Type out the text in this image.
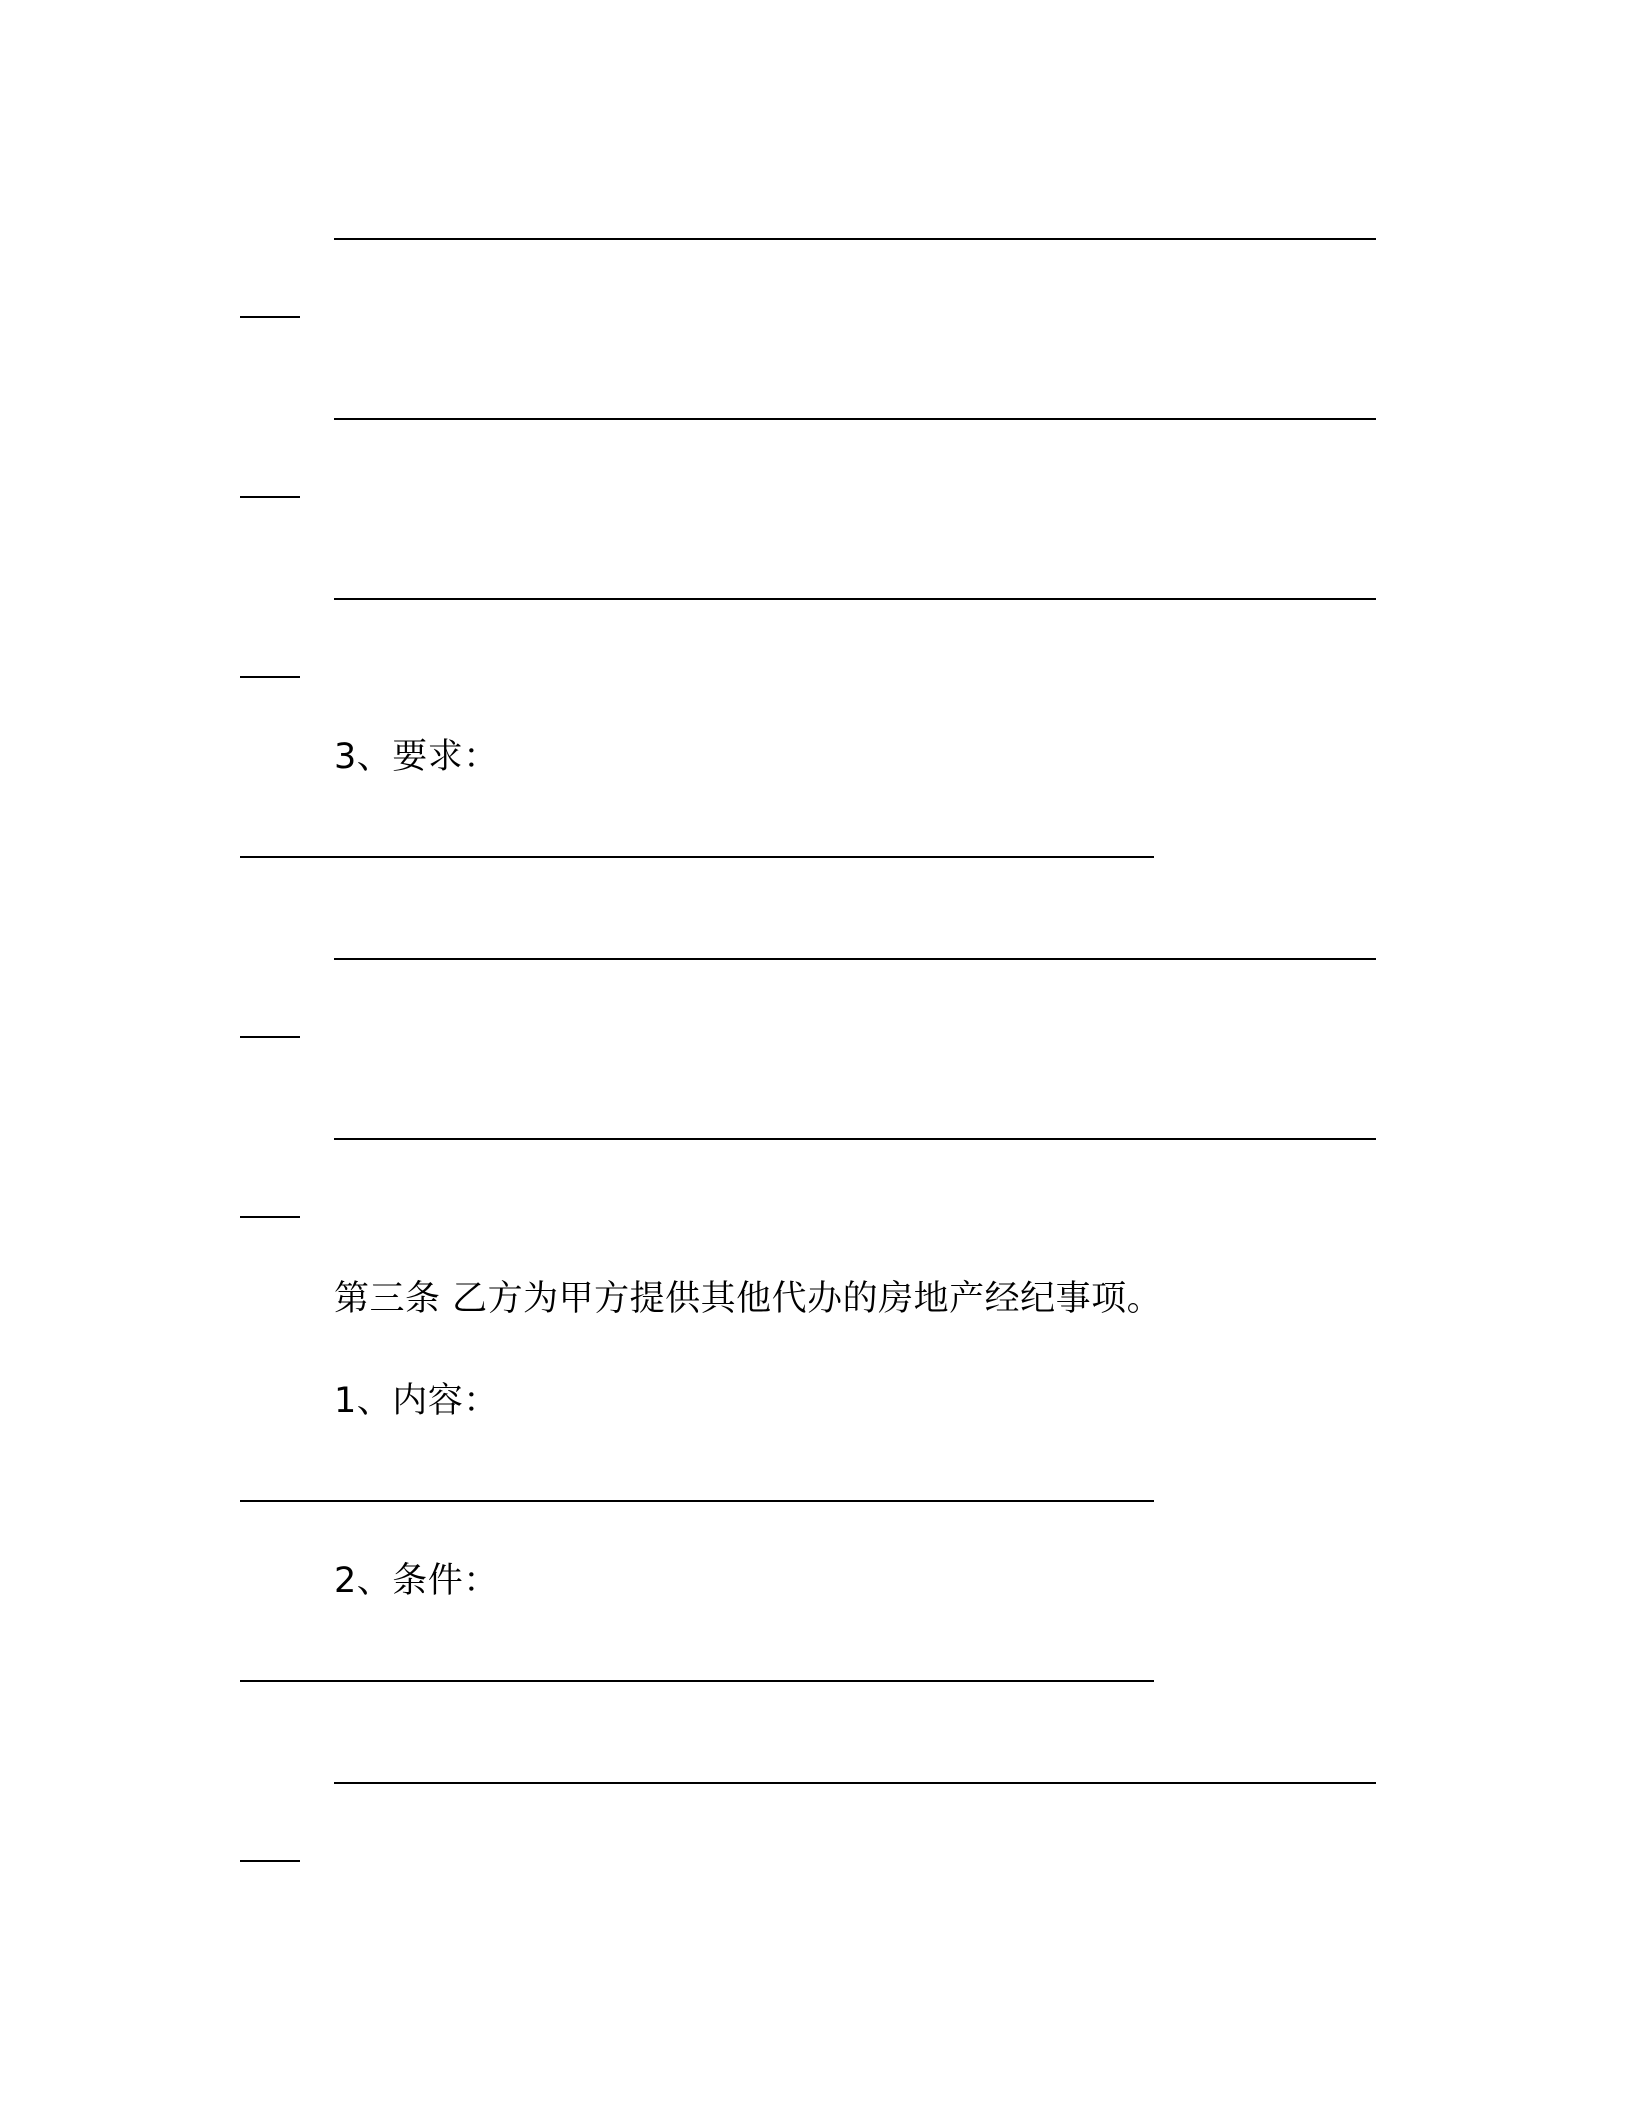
3、要求：
第三条 乙方为甲方提供其他代办的房地产经纪事项。
1、内容：
2、条件：
